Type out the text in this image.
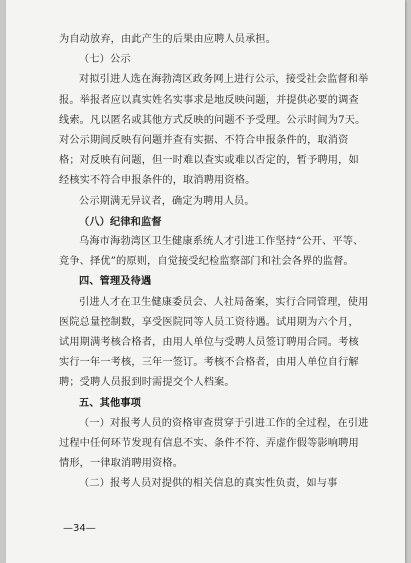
为自动放弃，由此产生的后果由应聘人员承担。

（七）公示

对拟引进人选在海勃湾区政务网上进行公示，接受社会监督和举报。举报者应以真实姓名实事求是地反映问题，并提供必要的调查线索。凡以匿名或其他方式反映的问题不予受理。公示时间为7天。对公示期间反映有问题并查有实据、不符合申报条件的，取消资格；对反映有问题，但一时难以查实或难以否定的，暂予聘用，如经核实不符合申报条件的，取消聘用资格。

公示期满无异议者，确定为聘用人员。

（八）纪律和监督

乌海市海勃湾区卫生健康系统人才引进工作坚持“公开、平等、竞争、择优”的原则，自觉接受纪检监察部门和社会各界的监督。

四、管理及待遇

引进人才在卫生健康委员会、人社局备案，实行合同管理，使用医院总量控制数，享受医院同等人员工资待遇。试用期为六个月，试用期满考核合格者，由用人单位与受聘人员签订聘用合同。考核实行一年一考核，三年一签订。考核不合格者，由用人单位自行解聘；受聘人员报到时需提交个人档案。

五、其他事项

（一）对报考人员的资格审查贯穿于引进工作的全过程，在引进过程中任何环节发现有信息不实、条件不符、弄虚作假等影响聘用情形，一律取消聘用资格。

（二）报考人员对提供的相关信息的真实性负责，如与事

—34—
